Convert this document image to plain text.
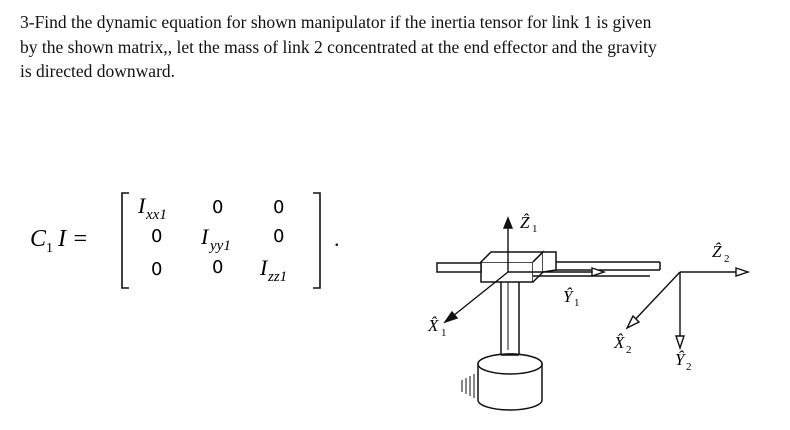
3-Find the dynamic equation for shown manipulator if the inertia tensor for link 1 is given
by the shown matrix,, let the mass of link 2 concentrated at the end effector and the gravity
is directed downward.
C 1 I =
I xx1	0	0
0 I yy1 0
0	0 I zz1
.
Ẑ 1
Ŷ 1
X̂ 1
Ẑ 2
X̂ 2	Ŷ 2
